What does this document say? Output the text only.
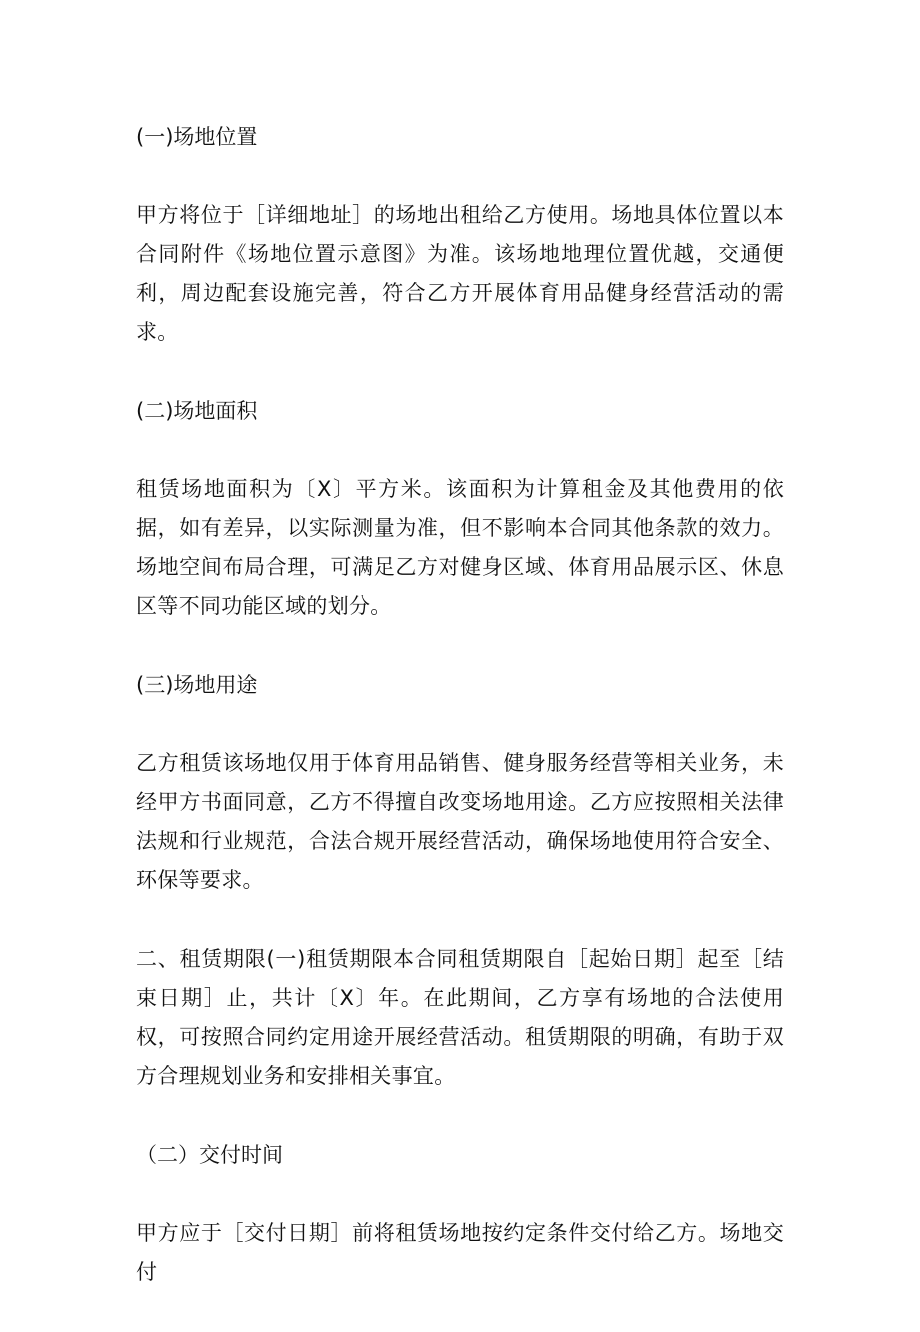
(一)场地位置
甲方将位于［详细地址］的场地出租给乙方使用。场地具体位置以本合同附件《场地位置示意图》为准。该场地地理位置优越，交通便利，周边配套设施完善，符合乙方开展体育用品健身经营活动的需求。
(二)场地面积
租赁场地面积为〔X〕平方米。该面积为计算租金及其他费用的依据，如有差异，以实际测量为准，但不影响本合同其他条款的效力。场地空间布局合理，可满足乙方对健身区域、体育用品展示区、休息区等不同功能区域的划分。
(三)场地用途
乙方租赁该场地仅用于体育用品销售、健身服务经营等相关业务，未经甲方书面同意，乙方不得擅自改变场地用途。乙方应按照相关法律法规和行业规范，合法合规开展经营活动，确保场地使用符合安全、环保等要求。
二、租赁期限(一)租赁期限本合同租赁期限自［起始日期］起至［结束日期］止，共计〔X〕年。在此期间，乙方享有场地的合法使用权，可按照合同约定用途开展经营活动。租赁期限的明确，有助于双方合理规划业务和安排相关事宜。
（二）交付时间
甲方应于［交付日期］前将租赁场地按约定条件交付给乙方。场地交付
